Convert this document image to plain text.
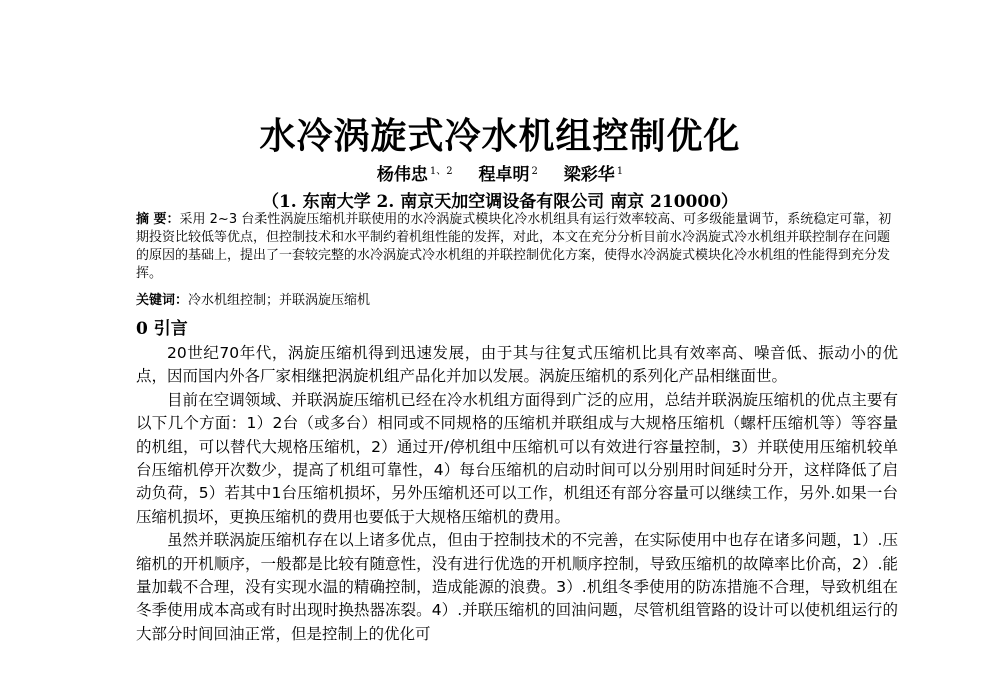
水冷涡旋式冷水机组控制优化
杨伟忠 $^{1、2}$ 程卓明 $^2$ 梁彩华 $^1$
（1. 东南大学 2. 南京天加空调设备有限公司 南京 210000）
摘 要：采用 2~3 台柔性涡旋压缩机并联使用的水冷涡旋式模块化冷水机组具有运行效率较高、可多级能量调节，系统稳定可靠，初期投资比较低等优点，但控制技术和水平制约着机组性能的发挥，对此，本文在充分分析目前水冷涡旋式冷水机组并联控制存在问题的原因的基础上，提出了一套较完整的水冷涡旋式冷水机组的并联控制优化方案，使得水冷涡旋式模块化冷水机组的性能得到充分发挥。
关键词：冷水机组控制；并联涡旋压缩机
0 引言

20世纪70年代，涡旋压缩机得到迅速发展，由于其与往复式压缩机比具有效率高、噪音低、振动小的优点，因而国内外各厂家相继把涡旋机组产品化并加以发展。涡旋压缩机的系列化产品相继面世。

目前在空调领域、并联涡旋压缩机已经在冷水机组方面得到广泛的应用，总结并联涡旋压缩机的优点主要有以下几个方面：1）2台（或多台）相同或不同规格的压缩机并联组成与大规格压缩机（螺杆压缩机等）等容量的机组，可以替代大规格压缩机，2）通过开/停机组中压缩机可以有效进行容量控制，3）并联使用压缩机较单台压缩机停开次数少，提高了机组可靠性，4）每台压缩机的启动时间可以分别用时间延时分开，这样降低了启动负荷，5）若其中1台压缩机损坏，另外压缩机还可以工作，机组还有部分容量可以继续工作，另外.如果一台压缩机损坏，更换压缩机的费用也要低于大规格压缩机的费用。

虽然并联涡旋压缩机存在以上诸多优点，但由于控制技术的不完善，在实际使用中也存在诸多问题，1）.压缩机的开机顺序，一般都是比较有随意性，没有进行优选的开机顺序控制，导致压缩机的故障率比价高，2）.能量加载不合理，没有实现水温的精确控制，造成能源的浪费。3）.机组冬季使用的防冻措施不合理，导致机组在冬季使用成本高或有时出现时换热器冻裂。4）.并联压缩机的回油问题，尽管机组管路的设计可以使机组运行的大部分时间回油正常，但是控制上的优化可
